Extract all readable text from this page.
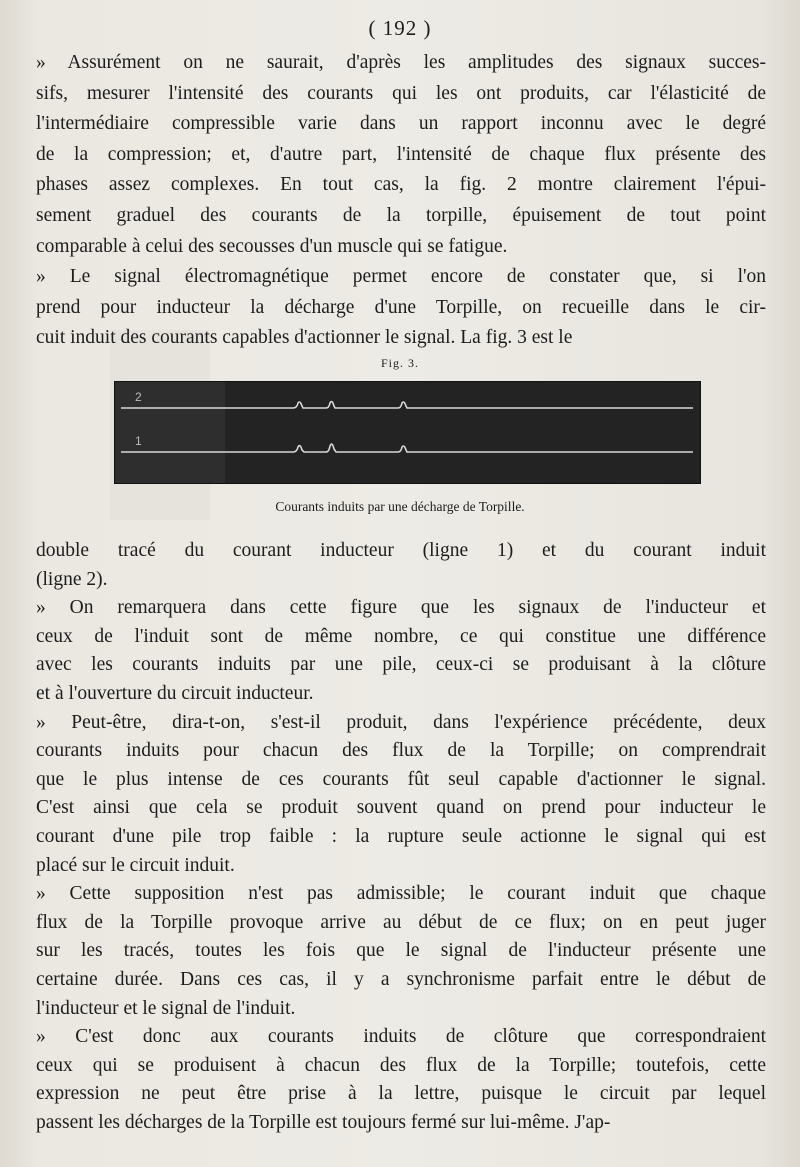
( 192 )
» Assurément on ne saurait, d'après les amplitudes des signaux succes-
sifs, mesurer l'intensité des courants qui les ont produits, car l'élasticité de
l'intermédiaire compressible varie dans un rapport inconnu avec le degré
de la compression; et, d'autre part, l'intensité de chaque flux présente des
phases assez complexes. En tout cas, la fig. 2 montre clairement l'épui-
sement graduel des courants de la torpille, épuisement de tout point
comparable à celui des secousses d'un muscle qui se fatigue.
» Le signal électromagnétique permet encore de constater que, si l'on
prend pour inducteur la décharge d'une Torpille, on recueille dans le cir-
cuit induit des courants capables d'actionner le signal. La fig. 3 est le
Fig. 3.
2
1
Courants induits par une décharge de Torpille.
double tracé du courant inducteur (ligne 1) et du courant induit
(ligne 2).
» On remarquera dans cette figure que les signaux de l'inducteur et
ceux de l'induit sont de même nombre, ce qui constitue une différence
avec les courants induits par une pile, ceux-ci se produisant à la clôture
et à l'ouverture du circuit inducteur.
» Peut-être, dira-t-on, s'est-il produit, dans l'expérience précédente, deux
courants induits pour chacun des flux de la Torpille; on comprendrait
que le plus intense de ces courants fût seul capable d'actionner le signal.
C'est ainsi que cela se produit souvent quand on prend pour inducteur le
courant d'une pile trop faible : la rupture seule actionne le signal qui est
placé sur le circuit induit.
» Cette supposition n'est pas admissible; le courant induit que chaque
flux de la Torpille provoque arrive au début de ce flux; on en peut juger
sur les tracés, toutes les fois que le signal de l'inducteur présente une
certaine durée. Dans ces cas, il y a synchronisme parfait entre le début de
l'inducteur et le signal de l'induit.
» C'est donc aux courants induits de clôture que correspondraient
ceux qui se produisent à chacun des flux de la Torpille; toutefois, cette
expression ne peut être prise à la lettre, puisque le circuit par lequel
passent les décharges de la Torpille est toujours fermé sur lui-même. J'ap-
